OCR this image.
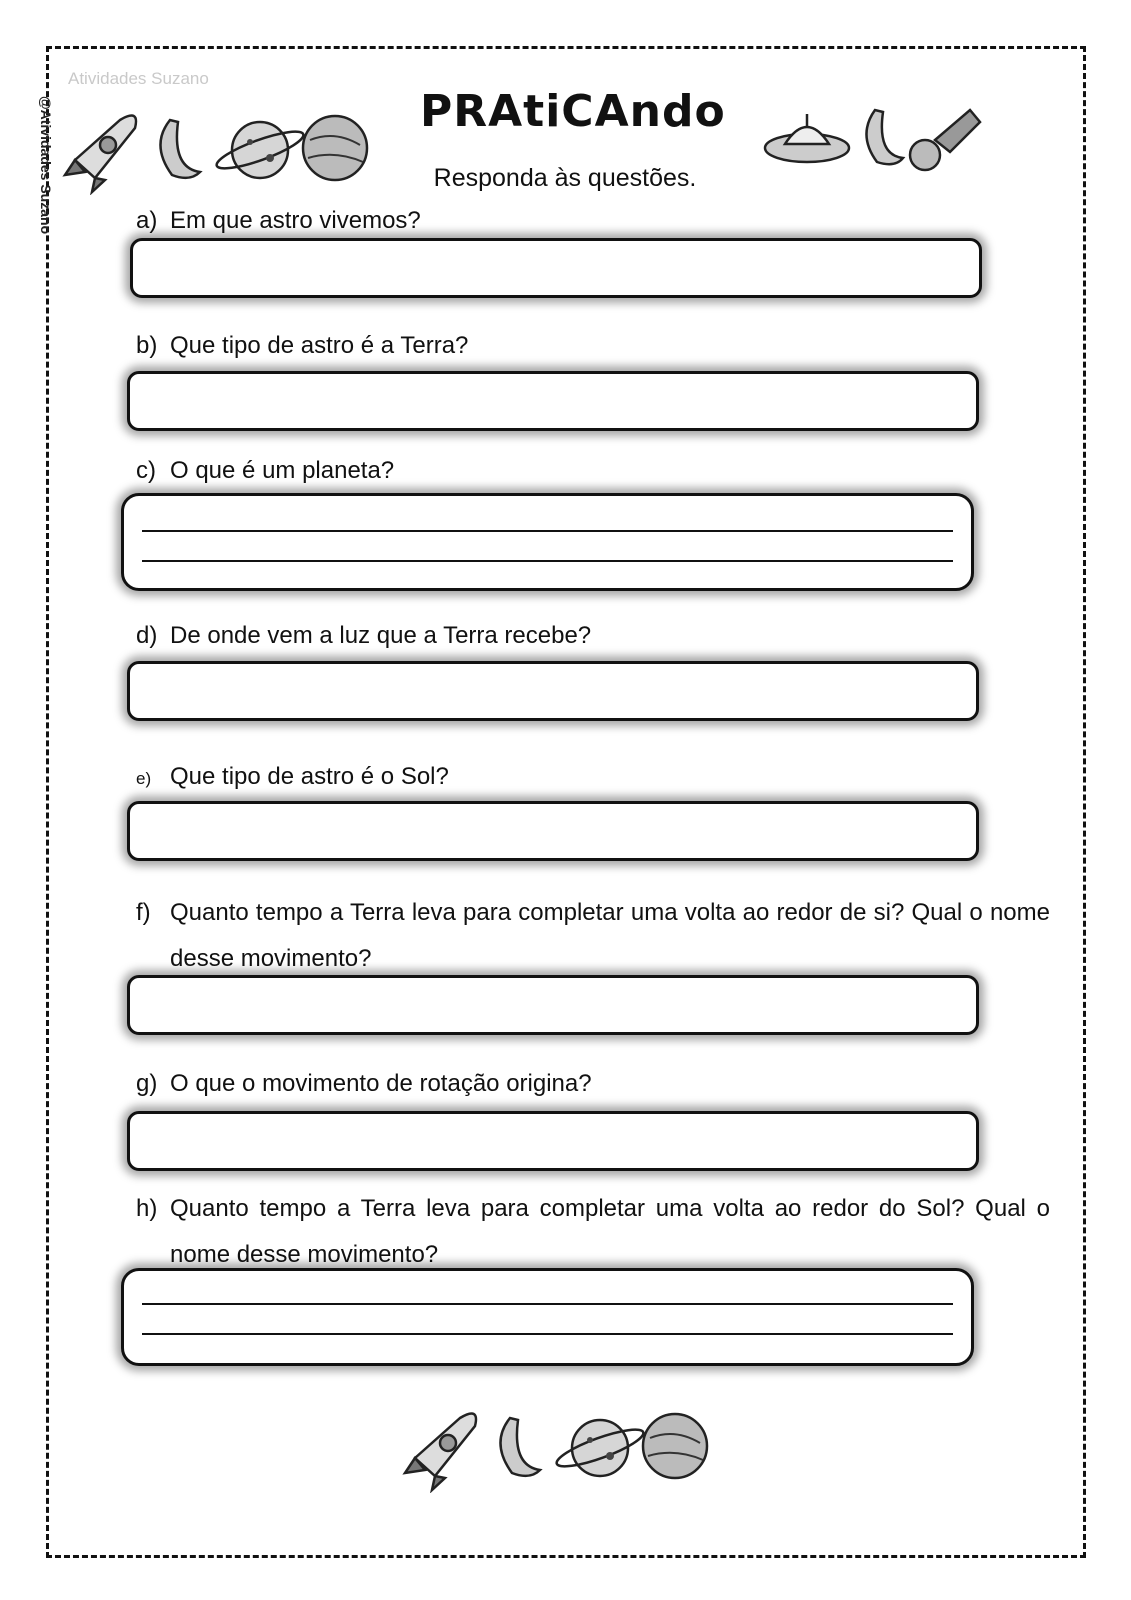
Atividades Suzano
@Atividades Suzano	PRAtiCAndo
Responda às questões.
a) Em que astro vivemos?
b) Que tipo de astro é a Terra?
c) O que é um planeta?
d) De onde vem a luz que a Terra recebe?
e) Que tipo de astro é o Sol?
f) Quanto tempo a Terra leva para completar uma volta ao redor de si? Qual o nome desse movimento?
g) O que o movimento de rotação origina?
h) Quanto tempo a Terra leva para completar uma volta ao redor do Sol? Qual o nome desse movimento?
